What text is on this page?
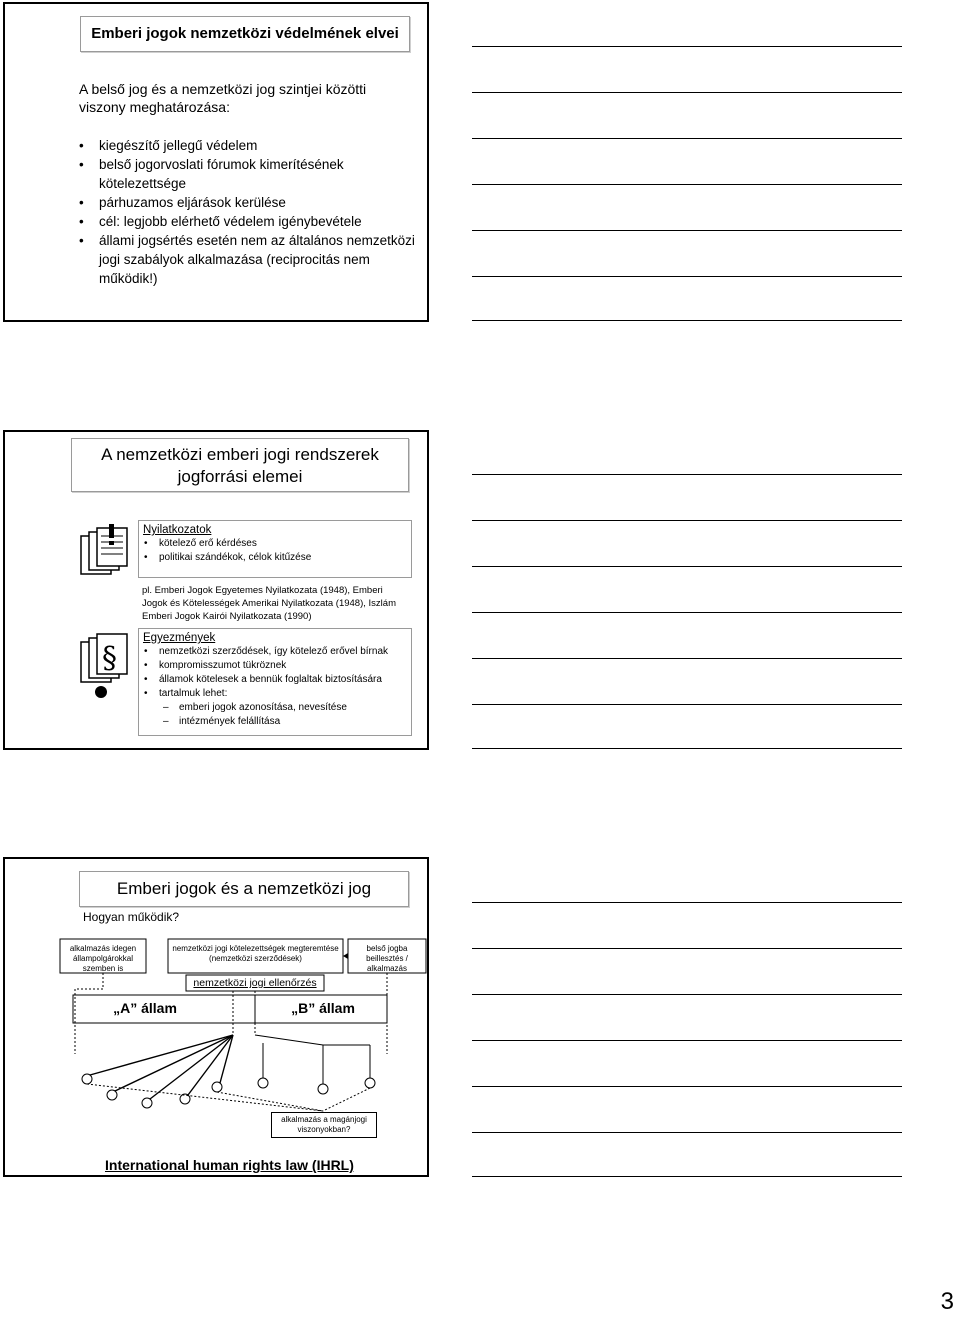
Emberi jogok nemzetközi védelmének elvei
A belső jog és a nemzetközi jog szintjei közötti
viszony meghatározása:
• kiegészítő jellegű védelem
• belső jogorvoslati fórumok kimerítésének kötelezettsége
• párhuzamos eljárások kerülése
• cél: legjobb elérhető védelem igénybevétele
• állami jogsértés esetén nem az általános nemzetközi jogi szabályok alkalmazása (reciprocitás nem működik!)
A nemzetközi emberi jogi rendszerek
jogforrási elemei
Nyilatkozatok
• kötelező erő kérdéses
• politikai szándékok, célok kitűzése
pl. Emberi Jogok Egyetemes Nyilatkozata (1948), Emberi Jogok és Kötelességek Amerikai Nyilatkozata (1948), Iszlám Emberi Jogok Kairói Nyilatkozata (1990)
§
Egyezmények
• nemzetközi szerződések, így kötelező erővel bírnak
• kompromisszumot tükröznek
• államok kötelesek a bennük foglaltak biztosítására
• tartalmuk lehet:
– emberi jogok azonosítása, nevesítése
– intézmények felállítása
Emberi jogok és a nemzetközi jog
Hogyan működik?
alkalmazás idegen állampolgárokkal szemben is
nemzetközi jogi kötelezettségek megteremtése (nemzetközi szerződések)
nemzetközi jogi ellenőrzés
belső jogba beillesztés / alkalmazás
„A” állam	„B” állam
alkalmazás a magánjogi viszonyokban?
International human rights law (IHRL)
3
